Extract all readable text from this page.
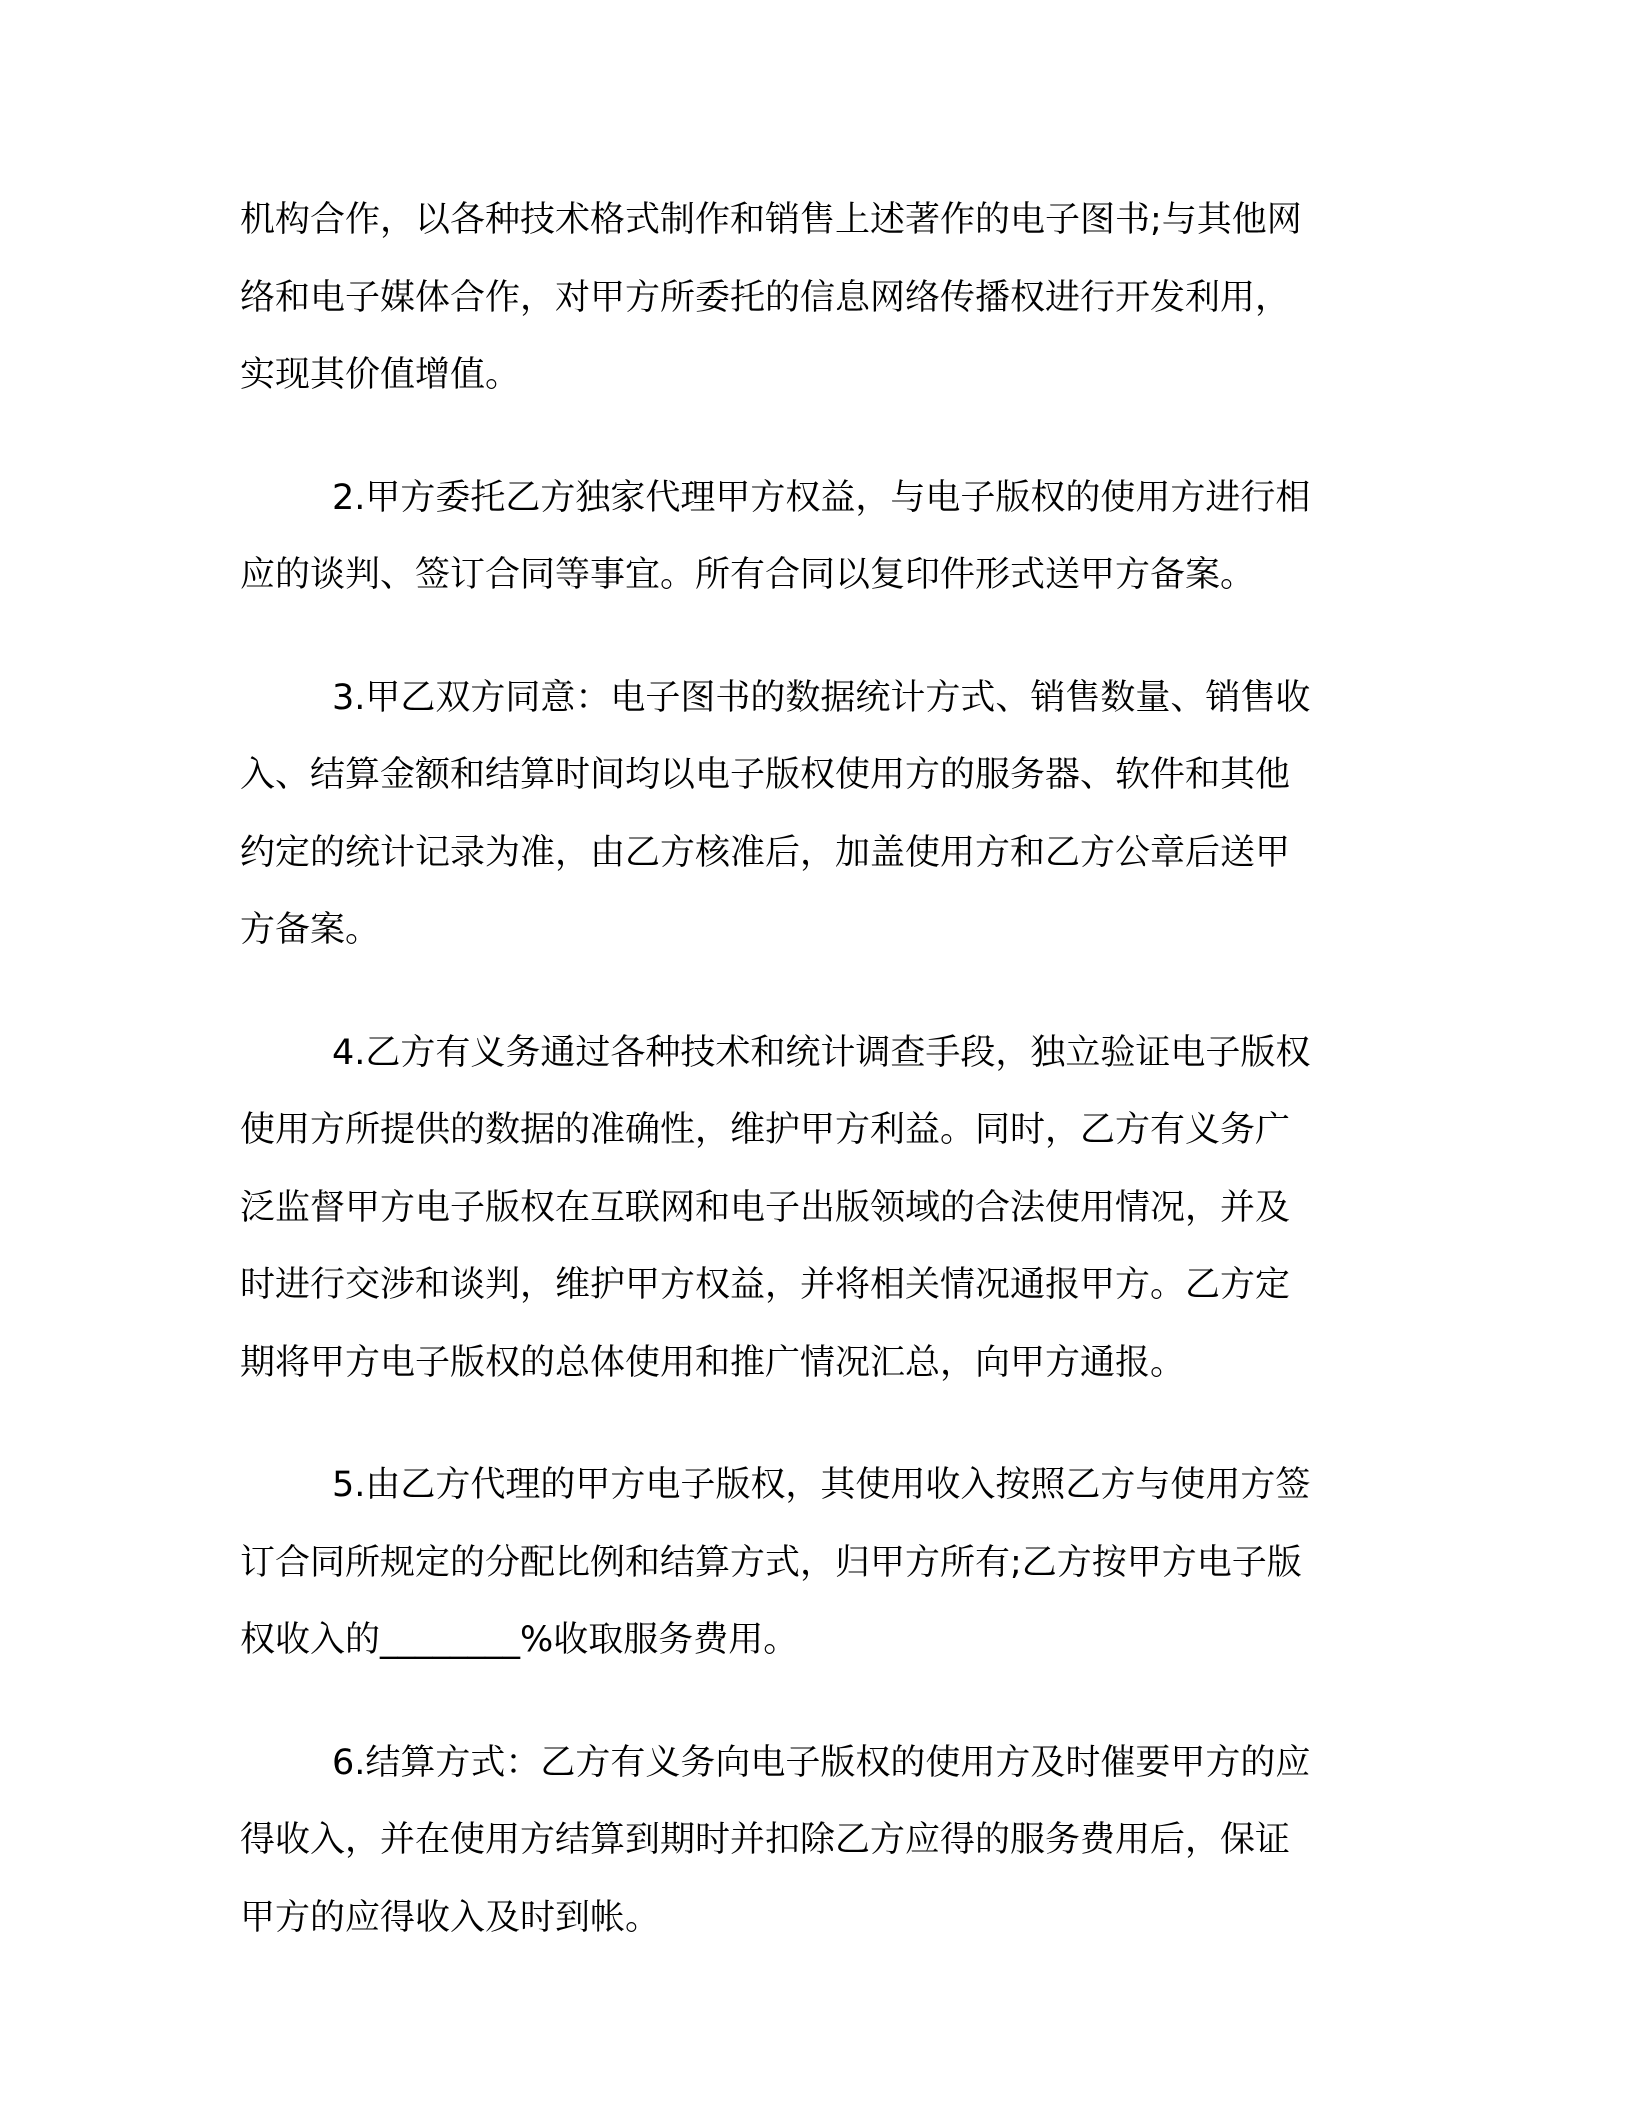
机构合作，以各种技术格式制作和销售上述著作的电子图书;与其他网
络和电子媒体合作，对甲方所委托的信息网络传播权进行开发利用，
实现其价值增值。

2.甲方委托乙方独家代理甲方权益，与电子版权的使用方进行相
应的谈判、签订合同等事宜。所有合同以复印件形式送甲方备案。

3.甲乙双方同意：电子图书的数据统计方式、销售数量、销售收
入、结算金额和结算时间均以电子版权使用方的服务器、软件和其他
约定的统计记录为准，由乙方核准后，加盖使用方和乙方公章后送甲
方备案。

4.乙方有义务通过各种技术和统计调查手段，独立验证电子版权
使用方所提供的数据的准确性，维护甲方利益。同时，乙方有义务广
泛监督甲方电子版权在互联网和电子出版领域的合法使用情况，并及
时进行交涉和谈判，维护甲方权益，并将相关情况通报甲方。乙方定
期将甲方电子版权的总体使用和推广情况汇总，向甲方通报。

5.由乙方代理的甲方电子版权，其使用收入按照乙方与使用方签
订合同所规定的分配比例和结算方式，归甲方所有;乙方按甲方电子版
权收入的________%收取服务费用。

6.结算方式：乙方有义务向电子版权的使用方及时催要甲方的应
得收入，并在使用方结算到期时并扣除乙方应得的服务费用后，保证
甲方的应得收入及时到帐。
